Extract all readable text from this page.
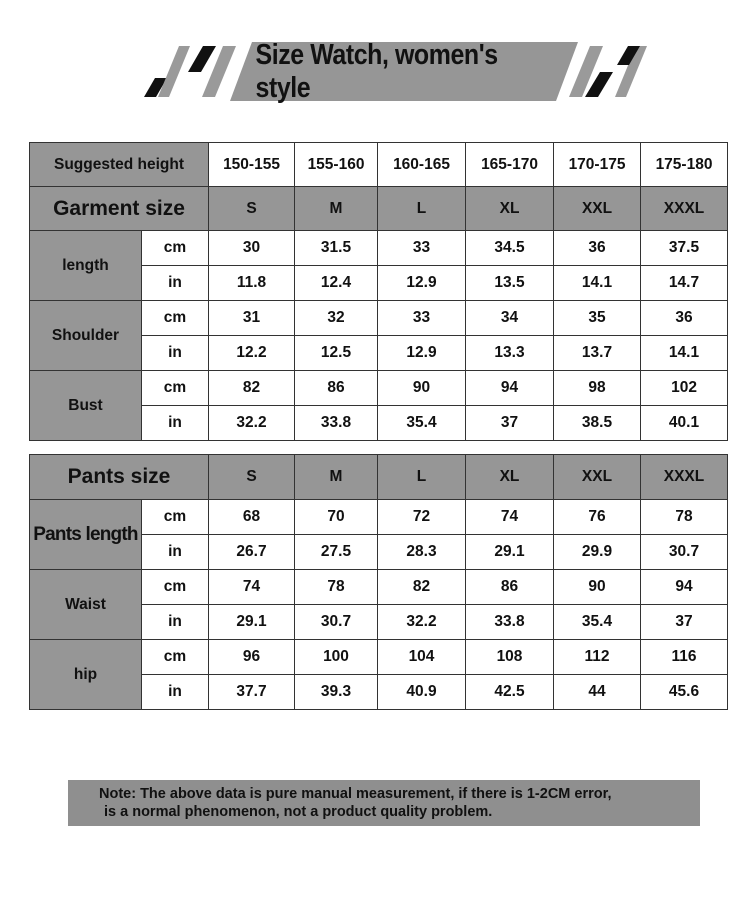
Size Watch, women's style
Suggested height		150-155	155-160	160-165	165-170	170-175	175-180
Garment size		S	M	L	XL	XXL	XXXL
length	cm	30	31.5	33	34.5	36	37.5
	in	11.8	12.4	12.9	13.5	14.1	14.7
Shoulder	cm	31	32	33	34	35	36
	in	12.2	12.5	12.9	13.3	13.7	14.1
Bust	cm	82	86	90	94	98	102
	in	32.2	33.8	35.4	37	38.5	40.1
Pants size		S	M	L	XL	XXL	XXXL
Pants length	cm	68	70	72	74	76	78
	in	26.7	27.5	28.3	29.1	29.9	30.7
Waist	cm	74	78	82	86	90	94
	in	29.1	30.7	32.2	33.8	35.4	37
hip	cm	96	100	104	108	112	116
	in	37.7	39.3	40.9	42.5	44	45.6

Note: The above data is pure manual measurement, if there is 1-2CM error,

is a normal phenomenon, not a product quality problem.
